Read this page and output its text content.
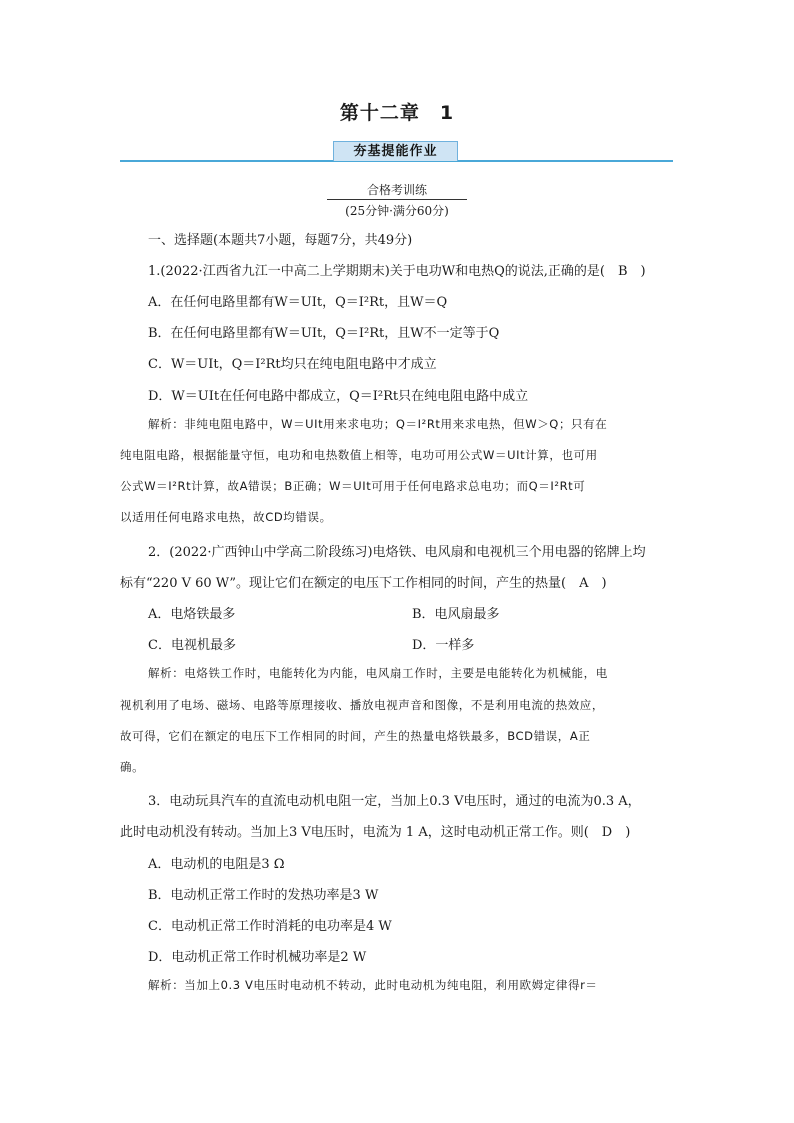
第十二章　1
夯基提能作业
合格考训练
(25分钟·满分60分)
一、选择题(本题共7小题，每题7分，共49分)
1.(2022·江西省九江一中高二上学期期末)关于电功W和电热Q的说法,正确的是(　B　)
A．在任何电路里都有W＝UIt，Q＝I²Rt，且W＝Q
B．在任何电路里都有W＝UIt，Q＝I²Rt，且W不一定等于Q
C．W＝UIt，Q＝I²Rt均只在纯电阻电路中才成立
D．W＝UIt在任何电路中都成立，Q＝I²Rt只在纯电阻电路中成立
解析：非纯电阻电路中，W＝UIt用来求电功；Q＝I²Rt用来求电热，但W＞Q；只有在
纯电阻电路，根据能量守恒，电功和电热数值上相等，电功可用公式W＝UIt计算，也可用
公式W＝I²Rt计算，故A错误；B正确；W＝UIt可用于任何电路求总电功；而Q＝I²Rt可
以适用任何电路求电热，故CD均错误。
2．(2022·广西钟山中学高二阶段练习)电烙铁、电风扇和电视机三个用电器的铭牌上均
标有“220 V 60 W”。现让它们在额定的电压下工作相同的时间，产生的热量(　A　)
A．电烙铁最多	B．电风扇最多
C．电视机最多	D．一样多
解析：电烙铁工作时，电能转化为内能，电风扇工作时，主要是电能转化为机械能，电
视机利用了电场、磁场、电路等原理接收、播放电视声音和图像，不是利用电流的热效应，
故可得，它们在额定的电压下工作相同的时间，产生的热量电烙铁最多，BCD错误，A正
确。
3．电动玩具汽车的直流电动机电阻一定，当加上0.3 V电压时，通过的电流为0.3 A，
此时电动机没有转动。当加上3 V电压时，电流为 1 A，这时电动机正常工作。则(　D　)
A．电动机的电阻是3 Ω
B．电动机正常工作时的发热功率是3 W
C．电动机正常工作时消耗的电功率是4 W
D．电动机正常工作时机械功率是2 W
解析：当加上0.3 V电压时电动机不转动，此时电动机为纯电阻，利用欧姆定律得r＝
